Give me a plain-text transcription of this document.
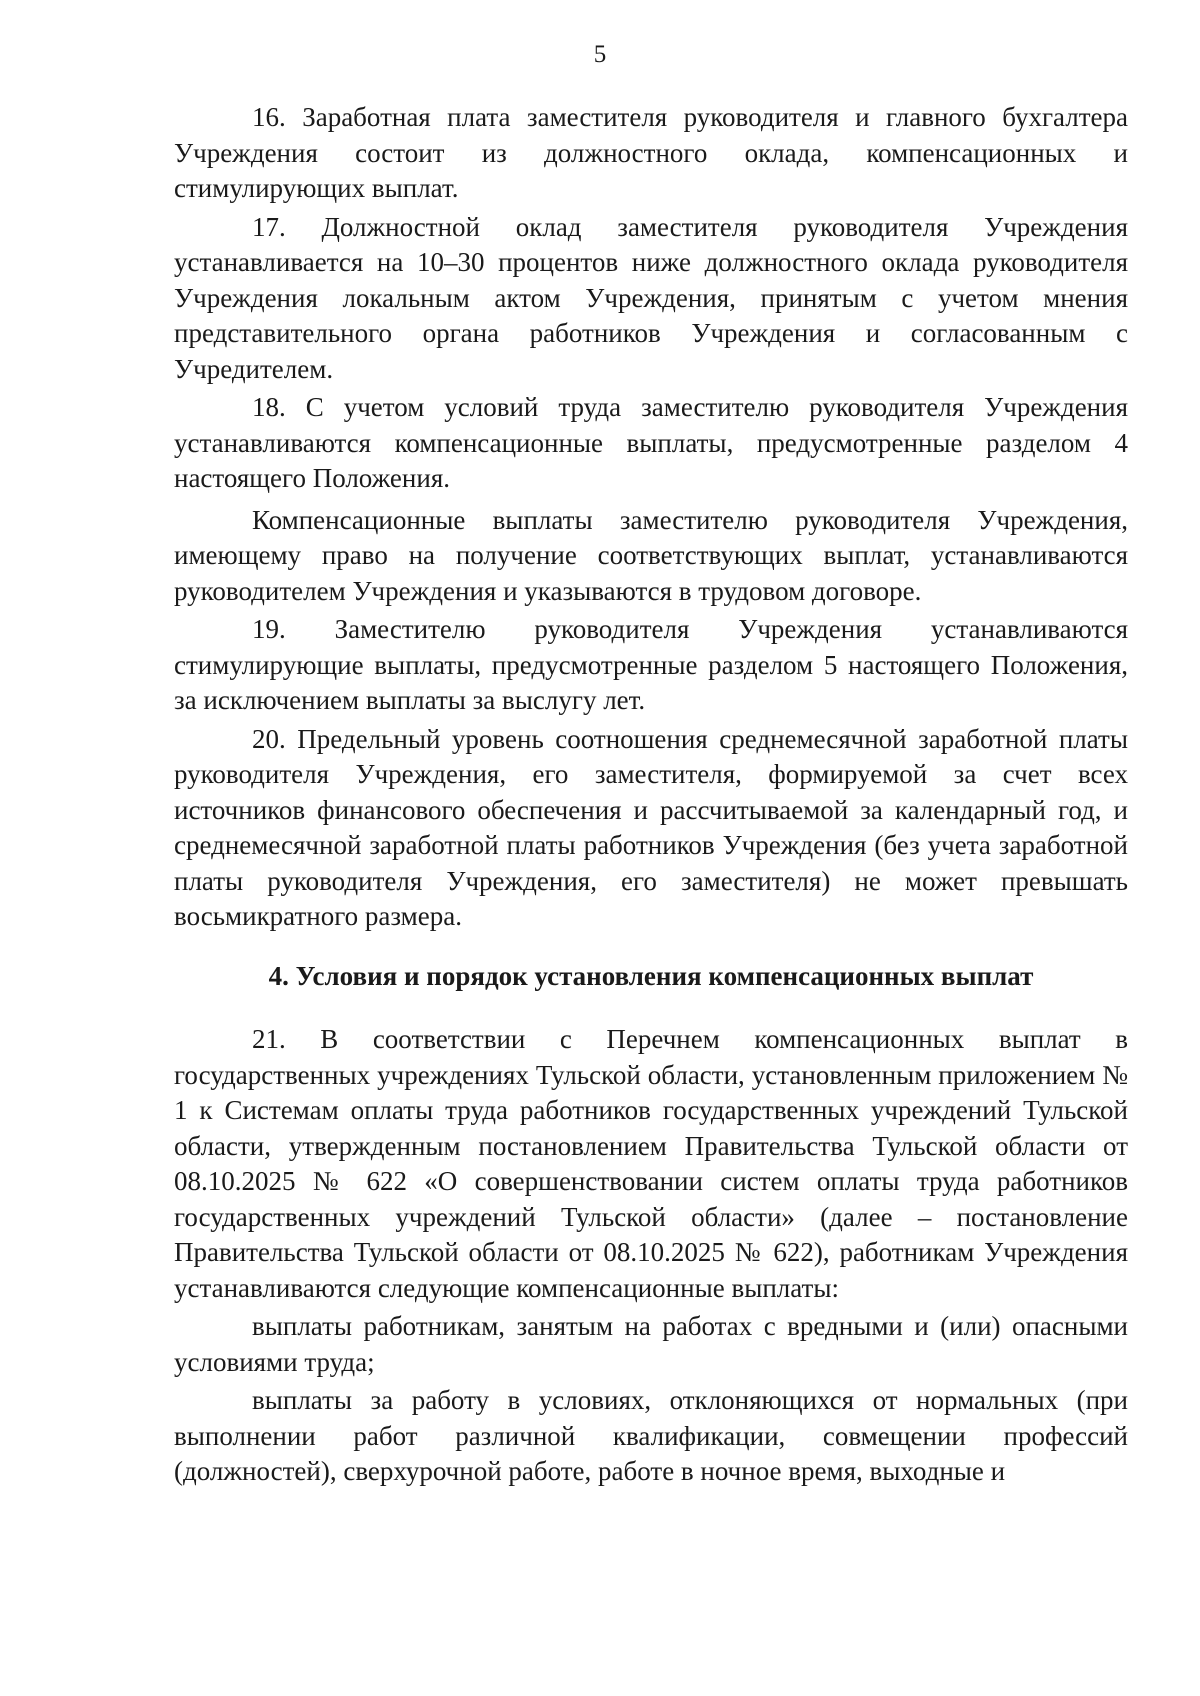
5

16. Заработная плата заместителя руководителя и главного бухгалтера Учреждения состоит из должностного оклада, компенсационных и стимулирующих выплат.

17. Должностной оклад заместителя руководителя Учреждения устанавливается на 10–30 процентов ниже должностного оклада руководителя Учреждения локальным актом Учреждения, принятым с учетом мнения представительного органа работников Учреждения и согласованным с Учредителем.

18. С учетом условий труда заместителю руководителя Учреждения устанавливаются компенсационные выплаты, предусмотренные разделом 4 настоящего Положения.

Компенсационные выплаты заместителю руководителя Учреждения, имеющему право на получение соответствующих выплат, устанавливаются руководителем Учреждения и указываются в трудовом договоре.

19. Заместителю руководителя Учреждения устанавливаются стимулирующие выплаты, предусмотренные разделом 5 настоящего Положения, за исключением выплаты за выслугу лет.

20. Предельный уровень соотношения среднемесячной заработной платы руководителя Учреждения, его заместителя, формируемой за счет всех источников финансового обеспечения и рассчитываемой за календарный год, и среднемесячной заработной платы работников Учреждения (без учета заработной платы руководителя Учреждения, его заместителя) не может превышать восьмикратного размера.

4. Условия и порядок установления компенсационных выплат

21. В соответствии с Перечнем компенсационных выплат в государственных учреждениях Тульской области, установленным приложением № 1 к Системам оплаты труда работников государственных учреждений Тульской области, утвержденным постановлением Правительства Тульской области от 08.10.2025 № 622 «О совершенствовании систем оплаты труда работников государственных учреждений Тульской области» (далее – постановление Правительства Тульской области от 08.10.2025 № 622), работникам Учреждения устанавливаются следующие компенсационные выплаты:

выплаты работникам, занятым на работах с вредными и (или) опасными условиями труда;

выплаты за работу в условиях, отклоняющихся от нормальных (при выполнении работ различной квалификации, совмещении профессий (должностей), сверхурочной работе, работе в ночное время, выходные и
